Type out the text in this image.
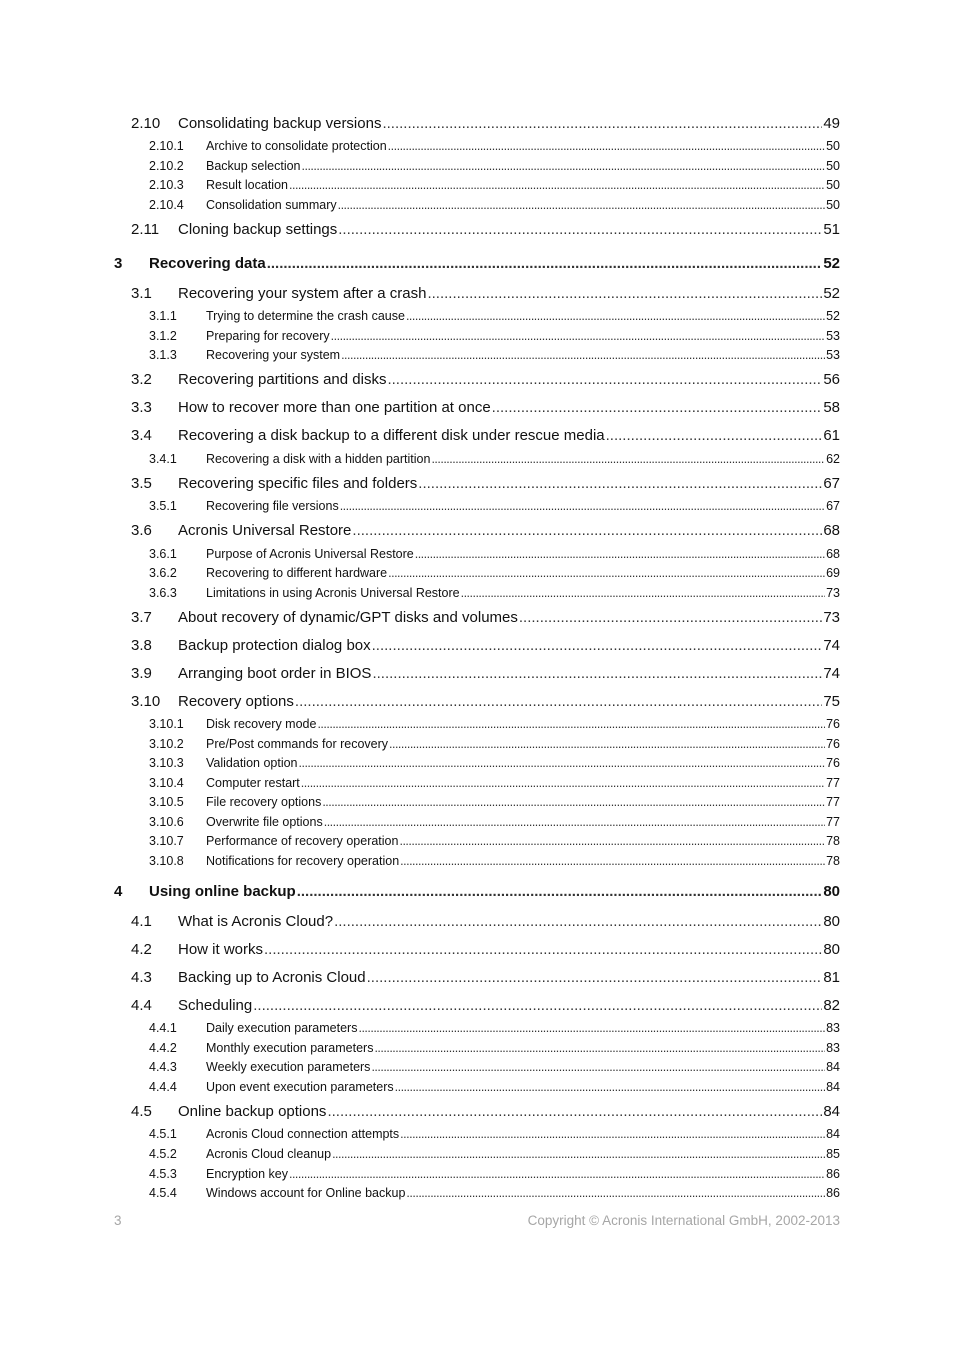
2.10	Consolidating backup versions .....	49
2.10.1	Archive to consolidate protection .....	50
2.10.2	Backup selection .....	50
2.10.3	Result location .....	50
2.10.4	Consolidation summary .....	50
2.11	Cloning backup settings .....	51
3	Recovering data .....	52
3.1	Recovering your system after a crash .....	52
3.1.1	Trying to determine the crash cause .....	52
3.1.2	Preparing for recovery .....	53
3.1.3	Recovering your system .....	53
3.2	Recovering partitions and disks .....	56
3.3	How to recover more than one partition at once .....	58
3.4	Recovering a disk backup to a different disk under rescue media .....	61
3.4.1	Recovering a disk with a hidden partition .....	62
3.5	Recovering specific files and folders .....	67
3.5.1	Recovering file versions .....	67
3.6	Acronis Universal Restore .....	68
3.6.1	Purpose of Acronis Universal Restore .....	68
3.6.2	Recovering to different hardware .....	69
3.6.3	Limitations in using Acronis Universal Restore .....	73
3.7	About recovery of dynamic/GPT disks and volumes .....	73
3.8	Backup protection dialog box .....	74
3.9	Arranging boot order in BIOS .....	74
3.10	Recovery options .....	75
3.10.1	Disk recovery mode .....	76
3.10.2	Pre/Post commands for recovery .....	76
3.10.3	Validation option .....	76
3.10.4	Computer restart .....	77
3.10.5	File recovery options .....	77
3.10.6	Overwrite file options .....	77
3.10.7	Performance of recovery operation .....	78
3.10.8	Notifications for recovery operation .....	78
4	Using online backup .....	80
4.1	What is Acronis Cloud? .....	80
4.2	How it works .....	80
4.3	Backing up to Acronis Cloud .....	81
4.4	Scheduling .....	82
4.4.1	Daily execution parameters .....	83
4.4.2	Monthly execution parameters .....	83
4.4.3	Weekly execution parameters .....	84
4.4.4	Upon event execution parameters .....	84
4.5	Online backup options .....	84
4.5.1	Acronis Cloud connection attempts .....	84
4.5.2	Acronis Cloud cleanup .....	85
4.5.3	Encryption key .....	86
4.5.4	Windows account for Online backup .....	86
3	Copyright © Acronis International GmbH, 2002-2013
